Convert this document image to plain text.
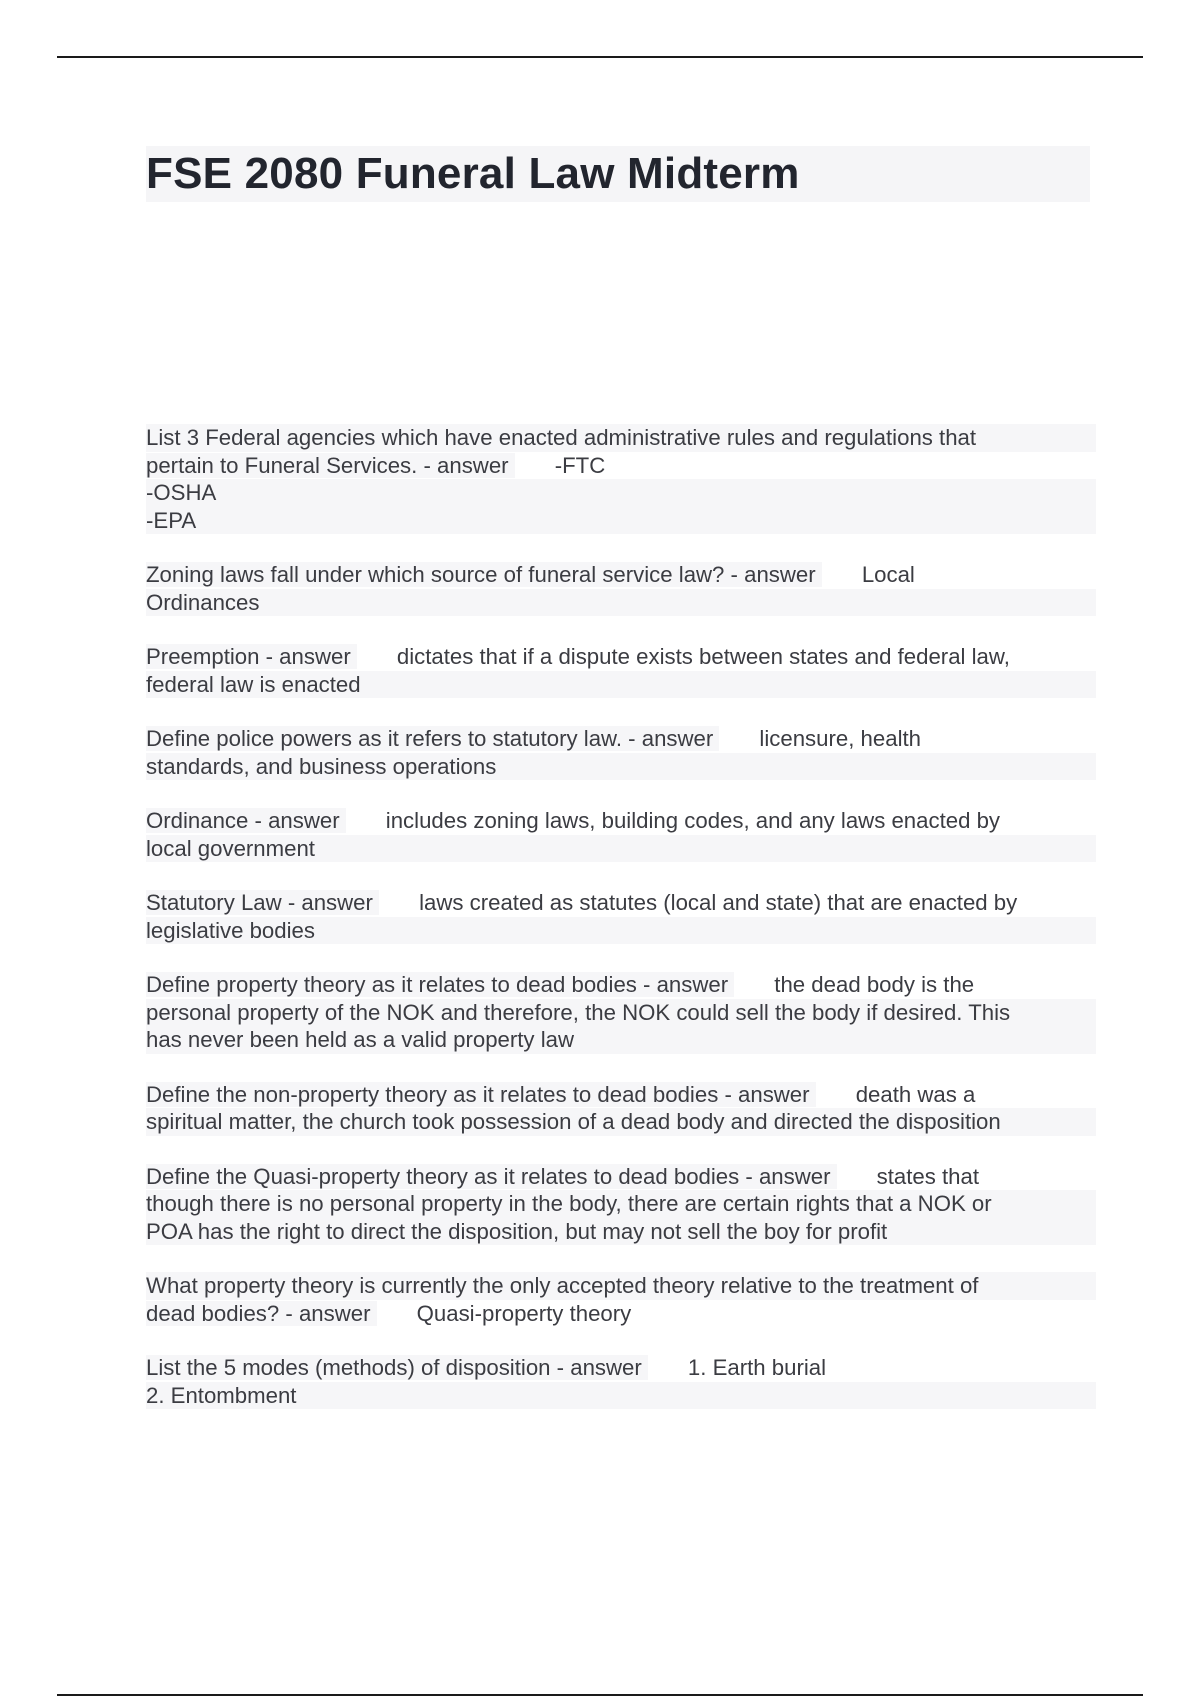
FSE 2080 Funeral Law Midterm
List 3 Federal agencies which have enacted administrative rules and regulations that
pertain to Funeral Services. - answer -FTC
-OSHA
-EPA
Zoning laws fall under which source of funeral service law? - answer Local
Ordinances
Preemption - answer dictates that if a dispute exists between states and federal law,
federal law is enacted
Define police powers as it refers to statutory law. - answer licensure, health
standards, and business operations
Ordinance - answer includes zoning laws, building codes, and any laws enacted by
local government
Statutory Law - answer laws created as statutes (local and state) that are enacted by
legislative bodies
Define property theory as it relates to dead bodies - answer the dead body is the
personal property of the NOK and therefore, the NOK could sell the body if desired. This
has never been held as a valid property law
Define the non-property theory as it relates to dead bodies - answer death was a
spiritual matter, the church took possession of a dead body and directed the disposition
Define the Quasi-property theory as it relates to dead bodies - answer states that
though there is no personal property in the body, there are certain rights that a NOK or
POA has the right to direct the disposition, but may not sell the boy for profit
What property theory is currently the only accepted theory relative to the treatment of
dead bodies? - answer Quasi-property theory
List the 5 modes (methods) of disposition - answer 1. Earth burial
2. Entombment
